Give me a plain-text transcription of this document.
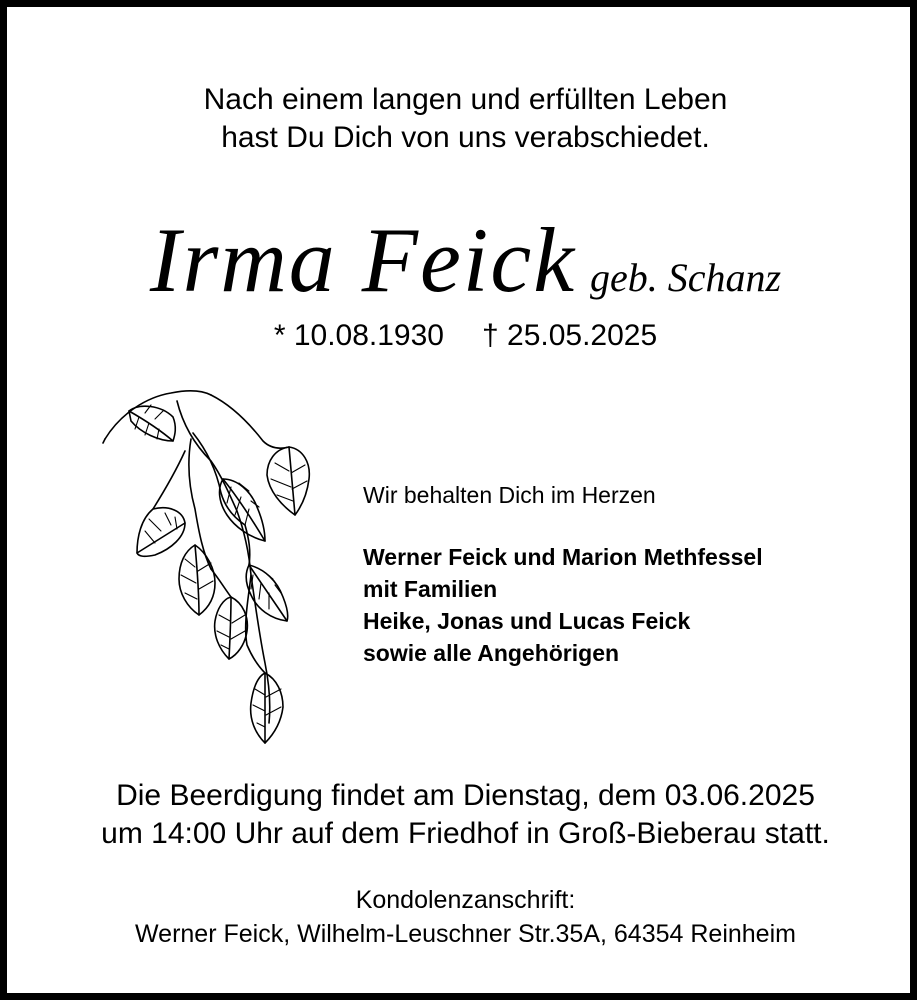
Nach einem langen und erfüllten Leben
hast Du Dich von uns verabschiedet.
Irma Feick geb. Schanz
* 10.08.1930 † 25.05.2025
Wir behalten Dich im Herzen
Werner Feick und Marion Methfessel
mit Familien
Heike, Jonas und Lucas Feick
sowie alle Angehörigen
Die Beerdigung findet am Dienstag, dem 03.06.2025
um 14:00 Uhr auf dem Friedhof in Groß-Bieberau statt.
Kondolenzanschrift:
Werner Feick, Wilhelm-Leuschner Str.35A, 64354 Reinheim
